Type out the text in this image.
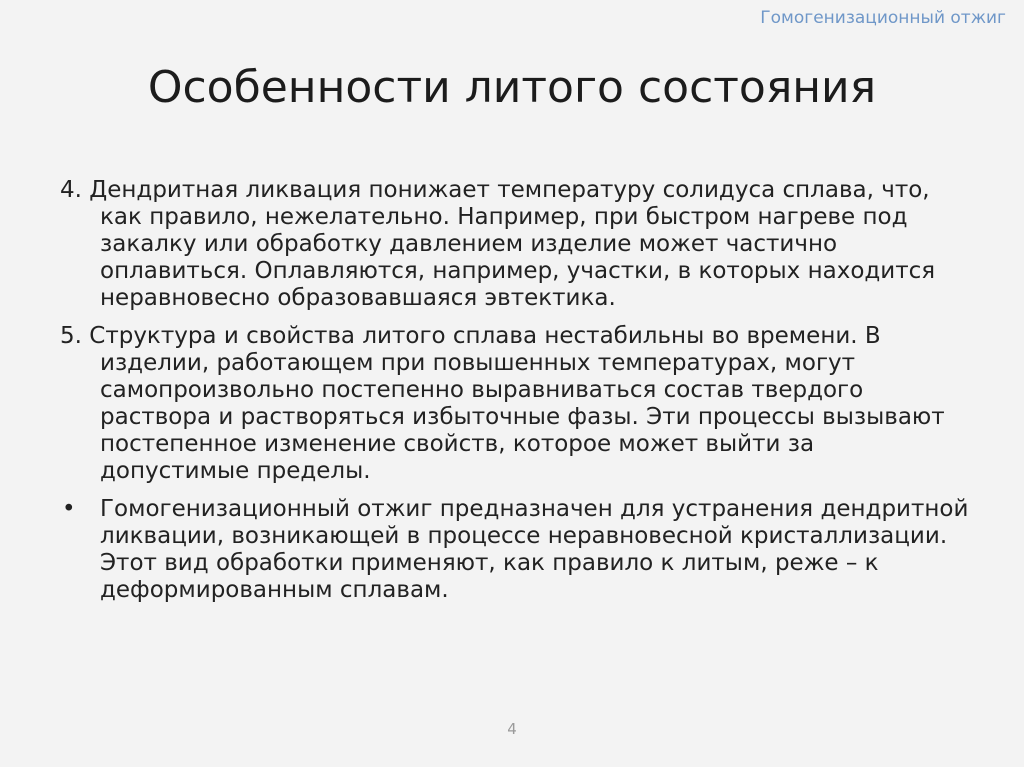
Гомогенизационный отжиг
Особенности литого состояния

4. Дендритная ликвация понижает температуру солидуса сплава, что, как правило, нежелательно. Например, при быстром нагреве под закалку или обработку давлением изделие может частично оплавиться. Оплавляются, например, участки, в которых находится неравновесно образовавшаяся эвтектика.

5. Структура и свойства литого сплава нестабильны во времени. В изделии, работающем при повышенных температурах, могут самопроизвольно постепенно выравниваться состав твердого раствора и растворяться избыточные фазы. Эти процессы вызывают постепенное изменение свойств, которое может выйти за допустимые пределы.

• Гомогенизационный отжиг предназначен для устранения дендритной ликвации, возникающей в процессе неравновесной кристаллизации. Этот вид обработки применяют, как правило к литым, реже – к деформированным сплавам.

4
